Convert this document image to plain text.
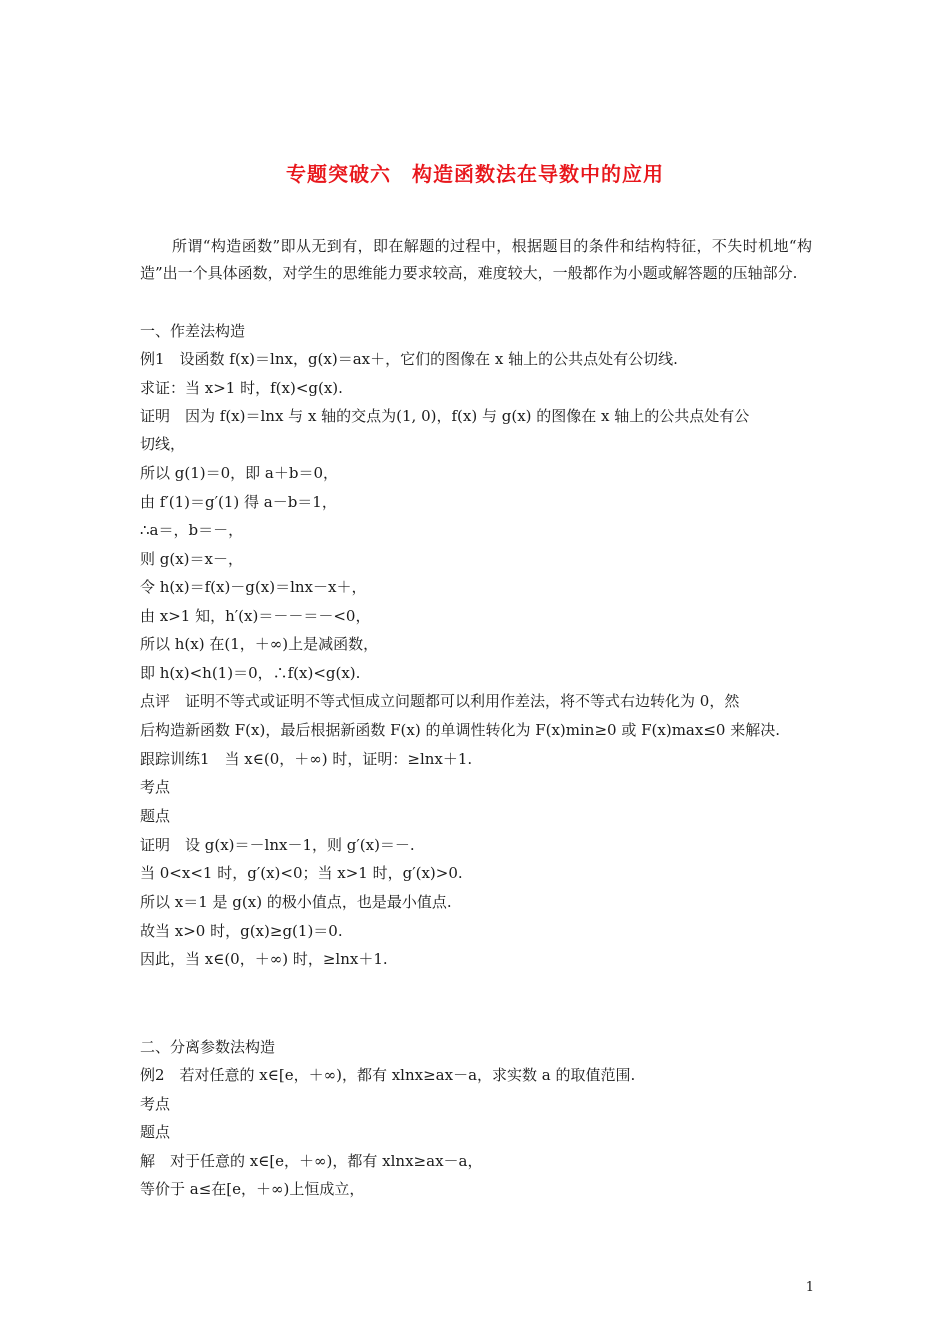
专题突破六　构造函数法在导数中的应用

所谓“构造函数”即从无到有，即在解题的过程中，根据题目的条件和结构特征，不失时机地“构造”出一个具体函数，对学生的思维能力要求较高，难度较大，一般都作为小题或解答题的压轴部分.

一、作差法构造

例1　设函数 f(x)＝lnx，g(x)＝ax＋，它们的图像在 x 轴上的公共点处有公切线.

求证：当 x>1 时，f(x)<g(x).

证明　因为 f(x)＝lnx 与 x 轴的交点为(1, 0)，f(x) 与 g(x) 的图像在 x 轴上的公共点处有公

切线，

所以 g(1)＝0，即 a＋b＝0，

由 f′(1)＝g′(1) 得 a－b＝1，

∴a＝，b＝－，

则 g(x)＝x－，

令 h(x)＝f(x)－g(x)＝lnx－x＋，

由 x>1 知，h′(x)＝－－＝－<0，

所以 h(x) 在(1，＋∞)上是减函数，

即 h(x)<h(1)＝0，∴f(x)<g(x).

点评　证明不等式或证明不等式恒成立问题都可以利用作差法，将不等式右边转化为 0，然

后构造新函数 F(x)，最后根据新函数 F(x) 的单调性转化为 F(x)min≥0 或 F(x)max≤0 来解决.

跟踪训练1　当 x∈(0，＋∞) 时，证明：≥lnx＋1.

考点

题点

证明　设 g(x)＝－lnx－1，则 g′(x)＝－.

当 0<x<1 时，g′(x)<0；当 x>1 时，g′(x)>0.

所以 x＝1 是 g(x) 的极小值点，也是最小值点.

故当 x>0 时，g(x)≥g(1)＝0.

因此，当 x∈(0，＋∞) 时，≥lnx＋1.

二、分离参数法构造

例2　若对任意的 x∈[e，＋∞)，都有 xlnx≥ax－a，求实数 a 的取值范围.

考点

题点

解　对于任意的 x∈[e，＋∞)，都有 xlnx≥ax－a，

等价于 a≤在[e，＋∞)上恒成立，

1
